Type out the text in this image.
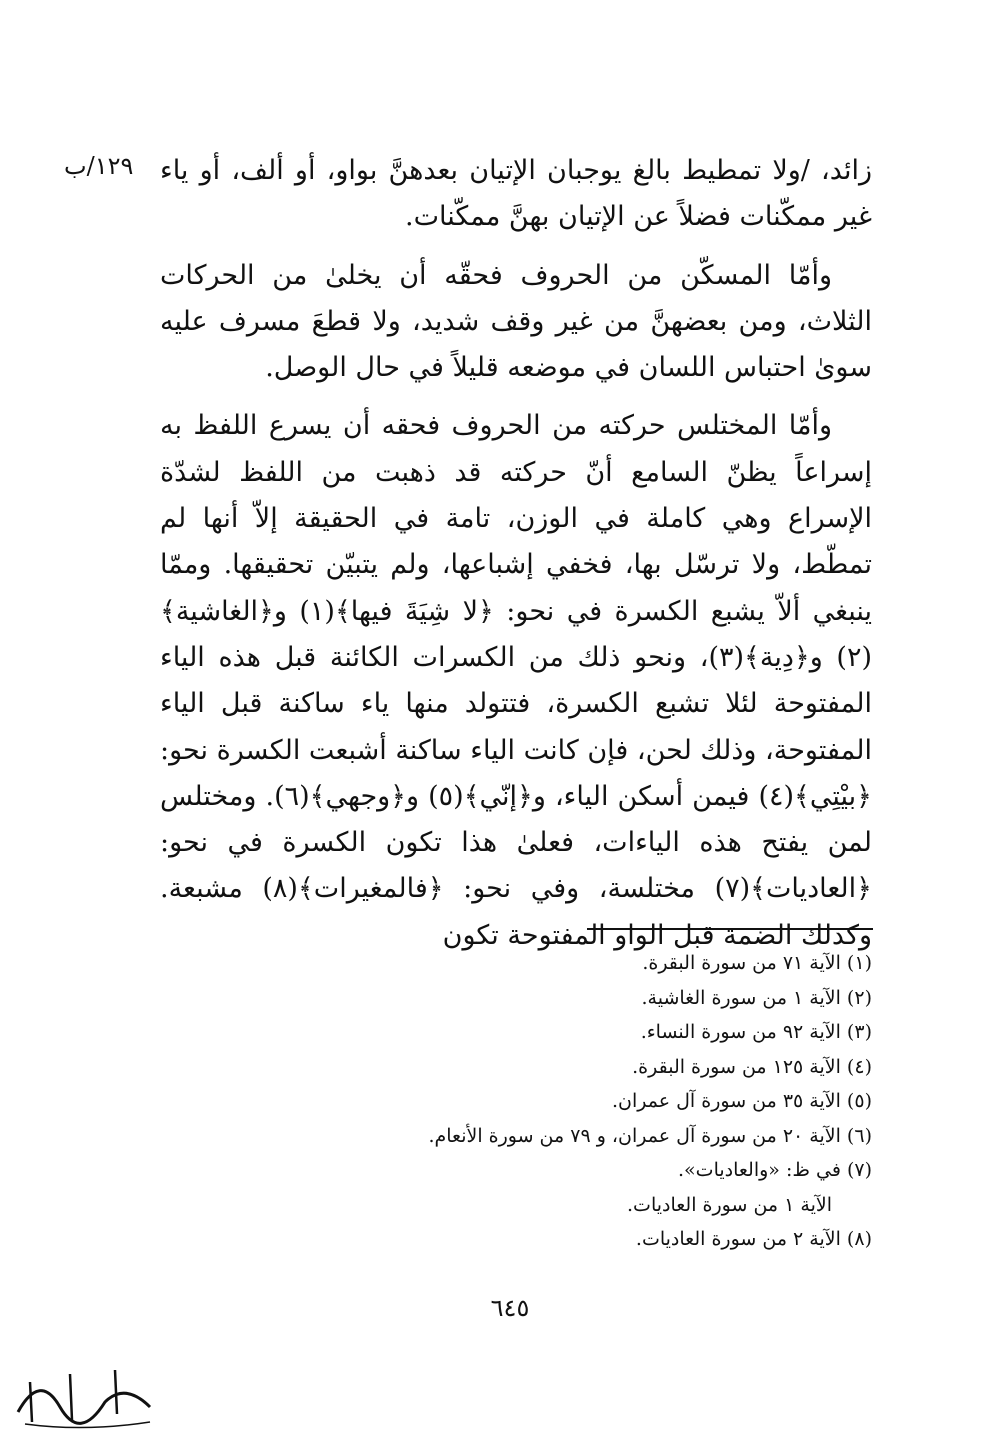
١٢٩/ب زائد، /ولا تمطيط بالغ يوجبان الإتيان بعدهنَّ بواو، أو ألف، أو ياء غير ممكّنات فضلاً عن الإتيان بهنَّ ممكّنات.

وأمّا المسكّن من الحروف فحقّه أن يخلىٰ من الحركات الثلاث، ومن بعضهنَّ من غير وقف شديد، ولا قطعَ مسرف عليه سوىٰ احتباس اللسان في موضعه قليلاً في حال الوصل.

وأمّا المختلس حركته من الحروف فحقه أن يسرع اللفظ به إسراعاً يظنّ السامع أنّ حركته قد ذهبت من اللفظ لشدّة الإسراع وهي كاملة في الوزن، تامة في الحقيقة إلاّ أنها لم تمطّط، ولا ترسّل بها، فخفي إشباعها، ولم يتبيّن تحقيقها. وممّا ينبغي ألاّ يشبع الكسرة في نحو: ﴿لا شِيَةَ فيها﴾(١) و﴿الغاشية﴾(٢) و﴿دِية﴾(٣)، ونحو ذلك من الكسرات الكائنة قبل هذه الياء المفتوحة لئلا تشبع الكسرة، فتتولد منها ياء ساكنة قبل الياء المفتوحة، وذلك لحن، فإن كانت الياء ساكنة أشبعت الكسرة نحو: ﴿بيْتِي﴾(٤) فيمن أسكن الياء، و﴿إنّي﴾(٥) و﴿وجهي﴾(٦). ومختلس لمن يفتح هذه الياءات، فعلىٰ هذا تكون الكسرة في نحو: ﴿العاديات﴾(٧) مختلسة، وفي نحو: ﴿فالمغيرات﴾(٨) مشبعة. وكذلك الضمة قبل الواو المفتوحة تكون

(١) الآية ٧١ من سورة البقرة.
(٢) الآية ١ من سورة الغاشية.
(٣) الآية ٩٢ من سورة النساء.
(٤) الآية ١٢٥ من سورة البقرة.
(٥) الآية ٣٥ من سورة آل عمران.
(٦) الآية ٢٠ من سورة آل عمران، و ٧٩ من سورة الأنعام.
(٧) في ظ: «والعاديات».
الآية ١ من سورة العاديات.
(٨) الآية ٢ من سورة العاديات.
٦٤٥
